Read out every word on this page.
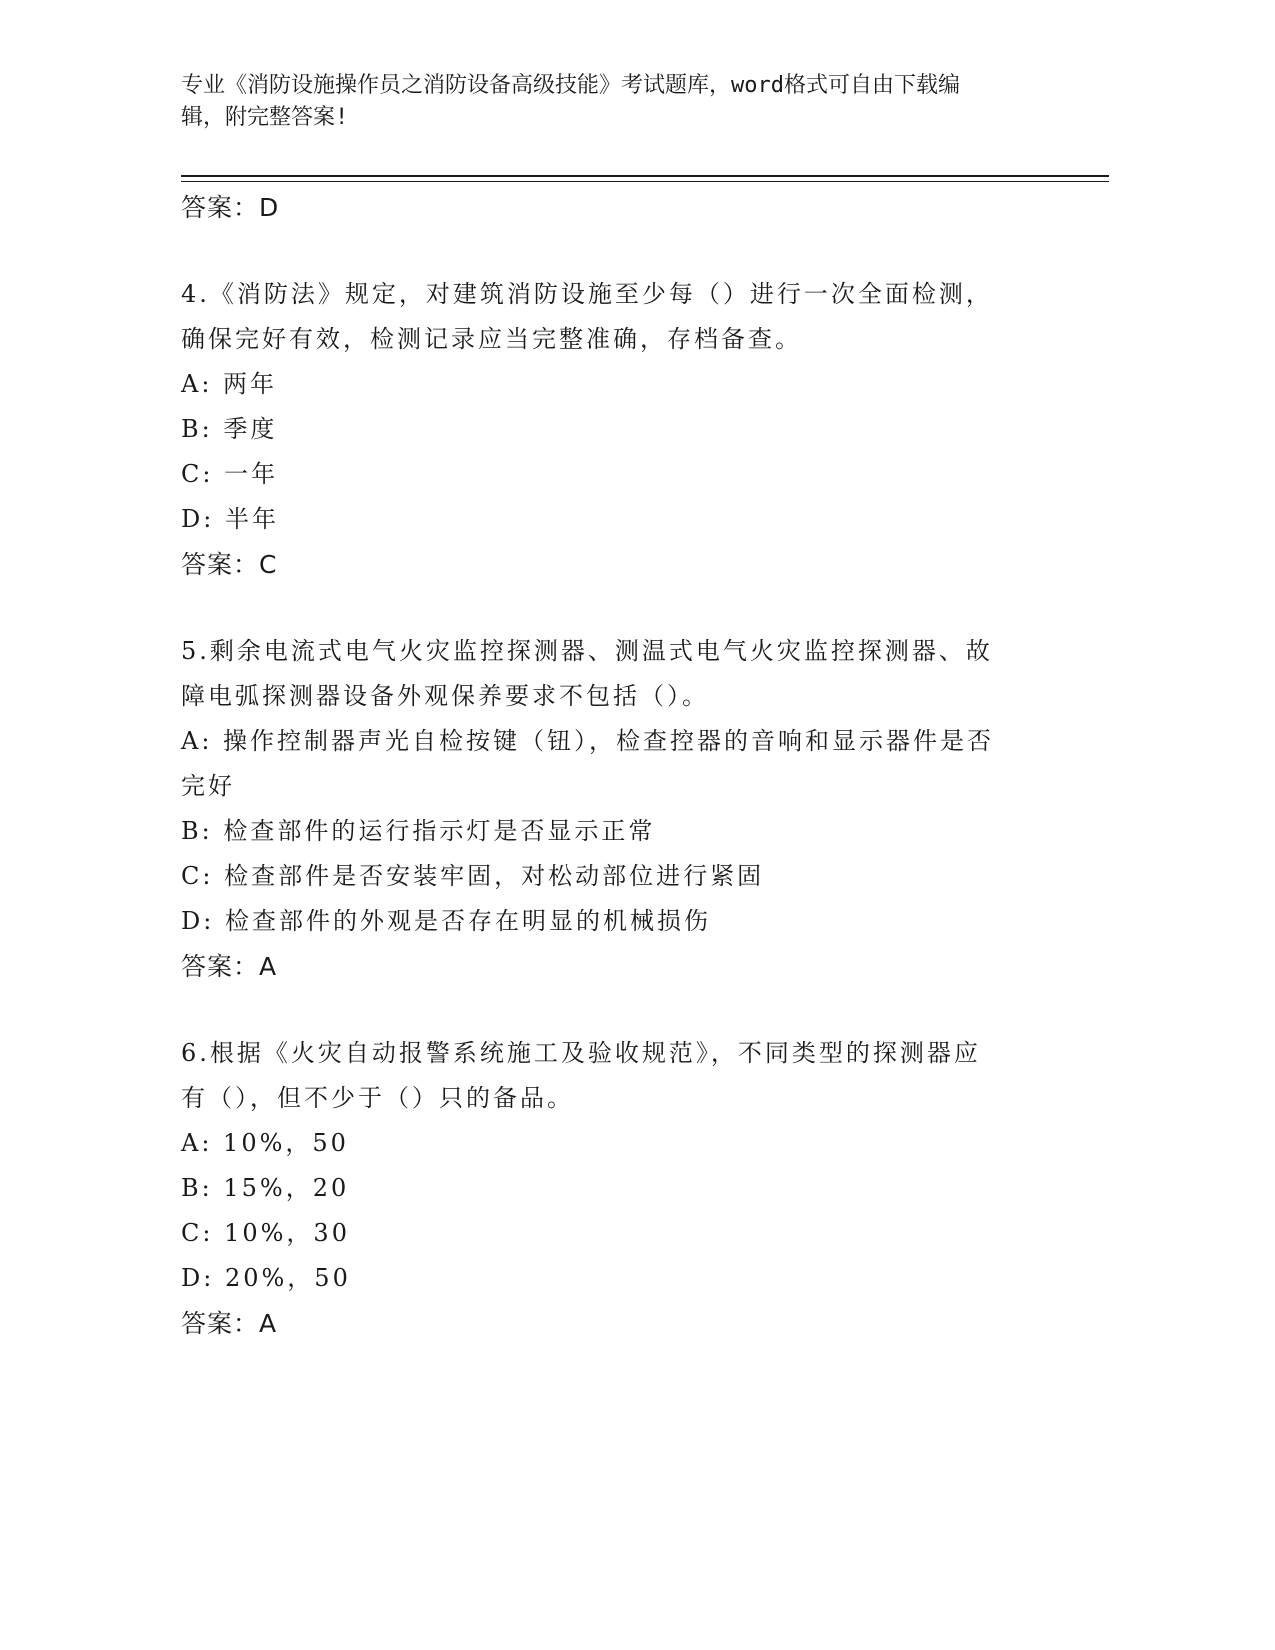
专业《消防设施操作员之消防设备高级技能》考试题库，word格式可自由下载编
辑，附完整答案!
答案：D
4.《消防法》规定，对建筑消防设施至少每（）进行一次全面检测，
确保完好有效，检测记录应当完整准确，存档备查。
A: 两年
B: 季度
C: 一年
D: 半年
答案：C
5.剩余电流式电气火灾监控探测器、测温式电气火灾监控探测器、故
障电弧探测器设备外观保养要求不包括（）。
A: 操作控制器声光自检按键（钮），检查控器的音响和显示器件是否
完好
B: 检查部件的运行指示灯是否显示正常
C: 检查部件是否安装牢固，对松动部位进行紧固
D: 检查部件的外观是否存在明显的机械损伤
答案：A
6.根据《火灾自动报警系统施工及验收规范》，不同类型的探测器应
有（），但不少于（）只的备品。
A: 10%，50
B: 15%，20
C: 10%，30
D: 20%，50
答案：A
